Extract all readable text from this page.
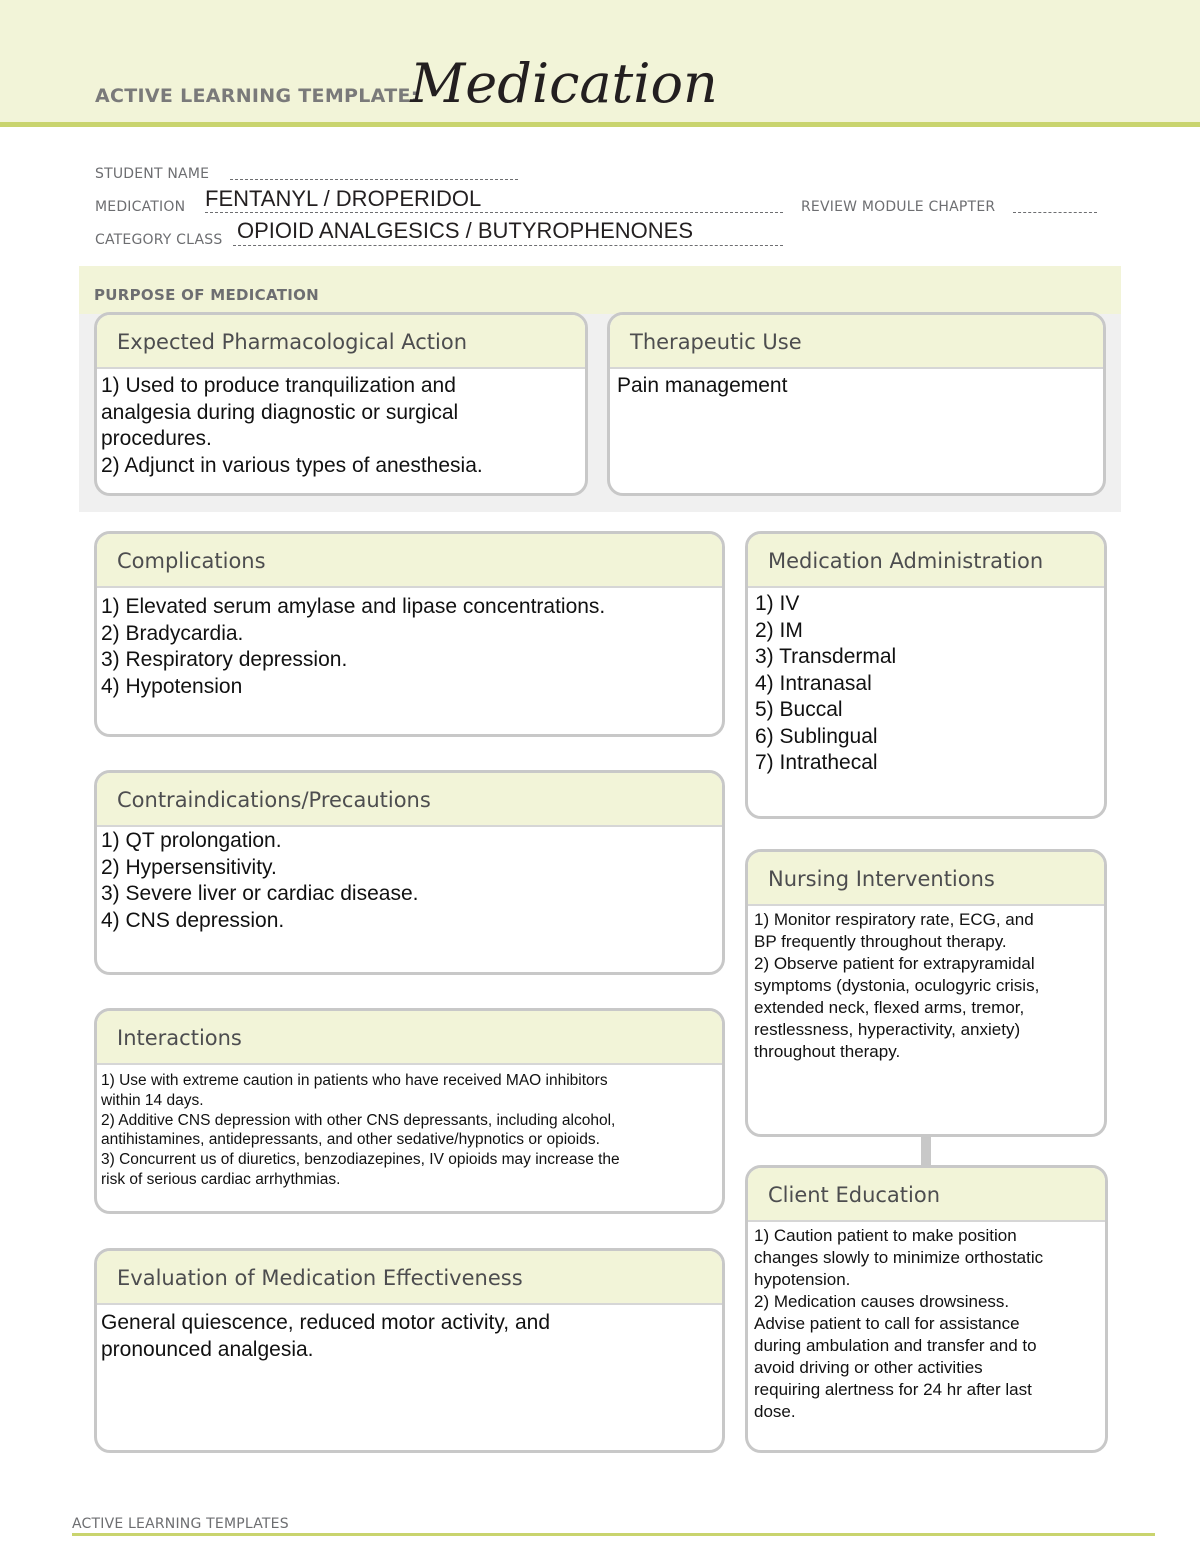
ACTIVE LEARNING TEMPLATE:
Medication
STUDENT NAME
MEDICATION FENTANYL / DROPERIDOL	REVIEW MODULE CHAPTER
CATEGORY CLASS OPIOID ANALGESICS / BUTYROPHENONES
PURPOSE OF MEDICATION
Expected Pharmacological Action
1) Used to produce tranquilization and
analgesia during diagnostic or surgical
procedures.
2) Adjunct in various types of anesthesia.
Therapeutic Use
Pain management
Complications
1) Elevated serum amylase and lipase concentrations.
2) Bradycardia.
3) Respiratory depression.
4) Hypotension
Medication Administration
1) IV
2) IM
3) Transdermal
4) Intranasal
5) Buccal
6) Sublingual
7) Intrathecal
Contraindications/Precautions
1) QT prolongation.
2) Hypersensitivity.
3) Severe liver or cardiac disease.
4) CNS depression.
Nursing Interventions
1) Monitor respiratory rate, ECG, and
BP frequently throughout therapy.
2) Observe patient for extrapyramidal
symptoms (dystonia, oculogyric crisis,
extended neck, flexed arms, tremor,
restlessness, hyperactivity, anxiety)
throughout therapy.
Interactions
1) Use with extreme caution in patients who have received MAO inhibitors
within 14 days.
2) Additive CNS depression with other CNS depressants, including alcohol,
antihistamines, antidepressants, and other sedative/hypnotics or opioids.
3) Concurrent us of diuretics, benzodiazepines, IV opioids may increase the
risk of serious cardiac arrhythmias.
Client Education
1) Caution patient to make position
changes slowly to minimize orthostatic
hypotension.
2) Medication causes drowsiness.
Advise patient to call for assistance
during ambulation and transfer and to
avoid driving or other activities
requiring alertness for 24 hr after last
dose.
Evaluation of Medication Effectiveness
General quiescence, reduced motor activity, and
pronounced analgesia.
ACTIVE LEARNING TEMPLATES
